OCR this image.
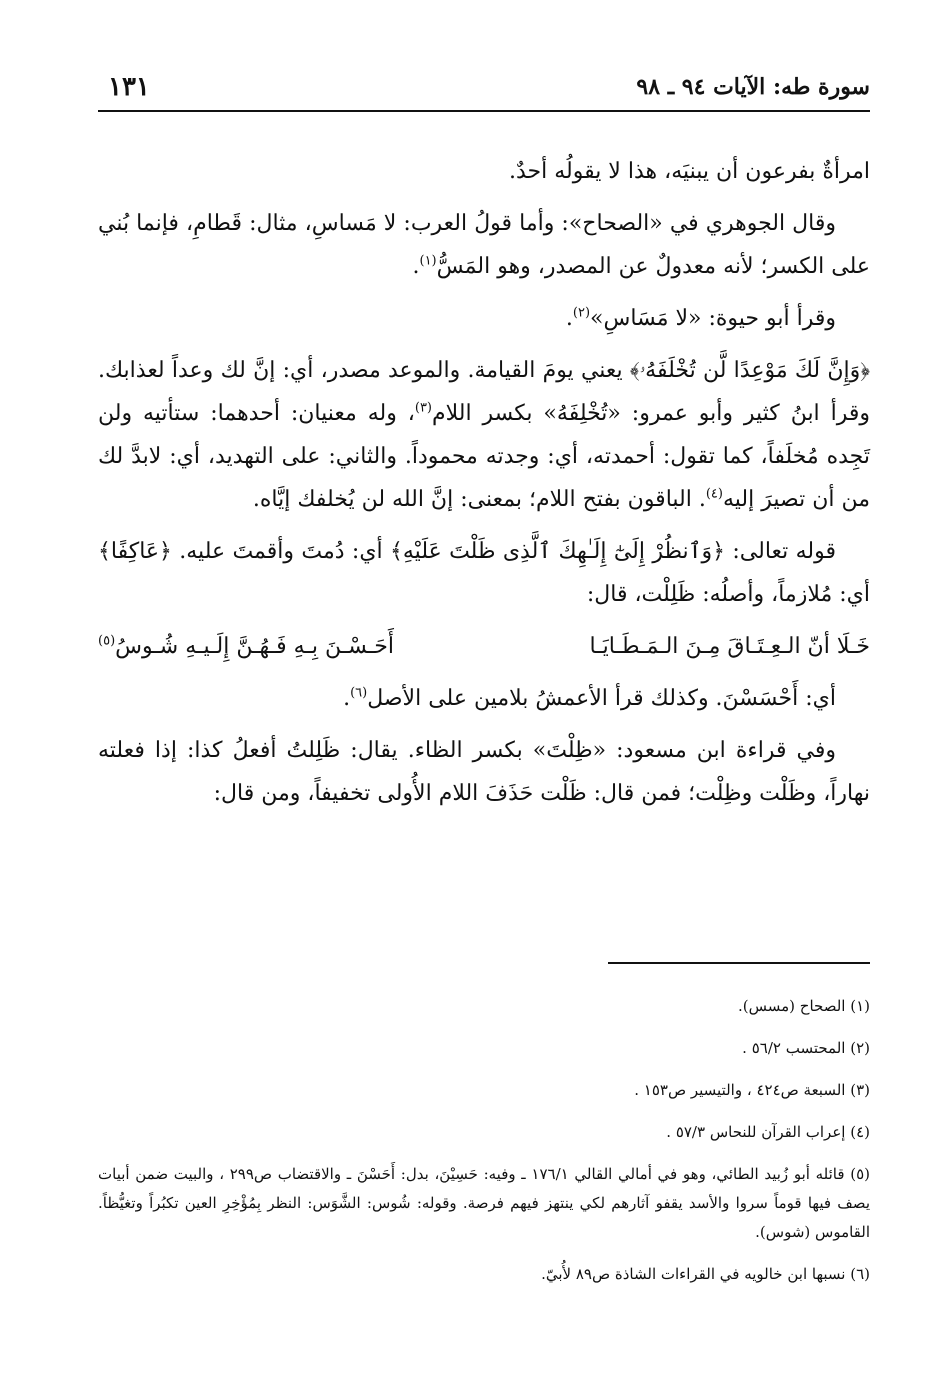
سورة طه: الآيات ٩٤ ـ ٩٨
١٣١

امرأةٌ بفرعون أن يبنيَه، هذا لا يقولُه أحدٌ.

وقال الجوهري في «الصحاح»: وأما قولُ العرب: لا مَساسِ، مثال: قَطامِ، فإنما بُني على الكسر؛ لأنه معدولٌ عن المصدر، وهو المَسُّ$^{(١)}$.

وقرأ أبو حيوة: «لا مَسَاسِ»$^{(٢)}$.

﴿وَإِنَّ لَكَ مَوْعِدًا لَّن تُخْلَفَهُۥ﴾ يعني يومَ القيامة. والموعد مصدر، أي: إنَّ لك وعداً لعذابك. وقرأ ابنُ كثير وأبو عمرو: «تُخْلِفَهُ» بكسر اللام$^{(٣)}$، وله معنيان: أحدهما: ستأتيه ولن تَجِده مُخلَفاً، كما تقول: أحمدته، أي: وجدته محموداً. والثاني: على التهديد، أي: لابدَّ لك من أن تصيرَ إليه$^{(٤)}$. الباقون بفتح اللام؛ بمعنى: إنَّ الله لن يُخلفك إيَّاه.

قوله تعالى: ﴿وَٱنظُرْ إِلَىٰٓ إِلَـٰهِكَ ٱلَّذِى ظَلْتَ عَلَيْهِ﴾ أي: دُمتَ وأقمتَ عليه. ﴿عَاكِفًا﴾ أي: مُلازماً، وأصلُه: ظَلِلْت، قال:

خَـلَا أنّ الـعِـتَـاقَ مِـنَ الـمَـطَـايَـا
أَحَـسْـنَ بِـهِ فَـهُـنَّ إِلَـيـهِ شُـوسُ$^{(٥)}$

أي: أَحْسَسْنَ. وكذلك قرأ الأعمشُ بلامين على الأصل$^{(٦)}$.

وفي قراءة ابن مسعود: «ظِلْتَ» بكسر الظاء. يقال: ظَلِلتُ أفعلُ كذا: إذا فعلته نهاراً، وظَلْت وظِلْت؛ فمن قال: ظَلْت حَذَفَ اللام الأُولى تخفيفاً، ومن قال:

(١) الصحاح (مسس).
(٢) المحتسب ٥٦/٢ .
(٣) السبعة ص٤٢٤ ، والتيسير ص١٥٣ .
(٤) إعراب القرآن للنحاس ٥٧/٣ .
(٥) قائله أبو زُبيد الطائي، وهو في أمالي القالي ١٧٦/١ ـ وفيه: حَسِيْنَ، بدل: أَحَسْنَ ـ والاقتضاب ص٢٩٩ ، والبيت ضمن أبيات يصف فيها قوماً سروا والأسد يقفو آثارهم لكي ينتهز فيهم فرصة. وقوله: شُوس: الشَّوَس: النظر بِمُؤْخِرِ العين تكبُراً وتغيُّظاً. القاموس (شوس).
(٦) نسبها ابن خالويه في القراءات الشاذة ص٨٩ لأُبيّ.
